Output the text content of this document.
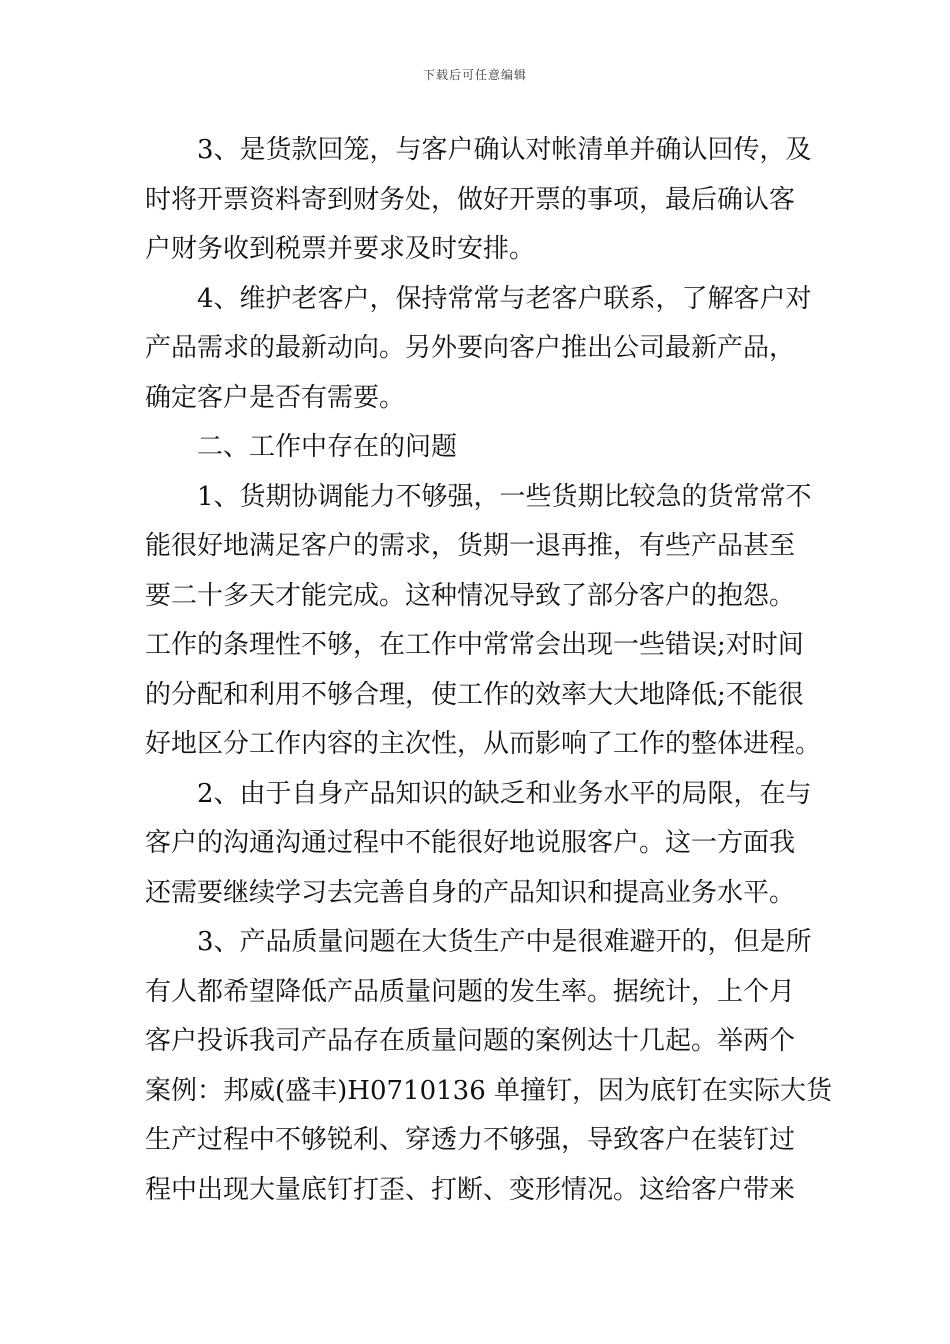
下载后可任意编辑

3、是货款回笼，与客户确认对帐清单并确认回传，及
时将开票资料寄到财务处，做好开票的事项，最后确认客
户财务收到税票并要求及时安排。

4、维护老客户，保持常常与老客户联系，了解客户对
产品需求的最新动向。另外要向客户推出公司最新产品，
确定客户是否有需要。

二、工作中存在的问题

1、货期协调能力不够强，一些货期比较急的货常常不
能很好地满足客户的需求，货期一退再推，有些产品甚至
要二十多天才能完成。这种情况导致了部分客户的抱怨。
工作的条理性不够，在工作中常常会出现一些错误;对时间
的分配和利用不够合理，使工作的效率大大地降低;不能很
好地区分工作内容的主次性，从而影响了工作的整体进程。

2、由于自身产品知识的缺乏和业务水平的局限，在与
客户的沟通沟通过程中不能很好地说服客户。这一方面我
还需要继续学习去完善自身的产品知识和提高业务水平。

3、产品质量问题在大货生产中是很难避开的，但是所
有人都希望降低产品质量问题的发生率。据统计，上个月
客户投诉我司产品存在质量问题的案例达十几起。举两个
案例：邦威(盛丰)H0710136 单撞钉，因为底钉在实际大货
生产过程中不够锐利、穿透力不够强，导致客户在装钉过
程中出现大量底钉打歪、打断、变形情况。这给客户带来
